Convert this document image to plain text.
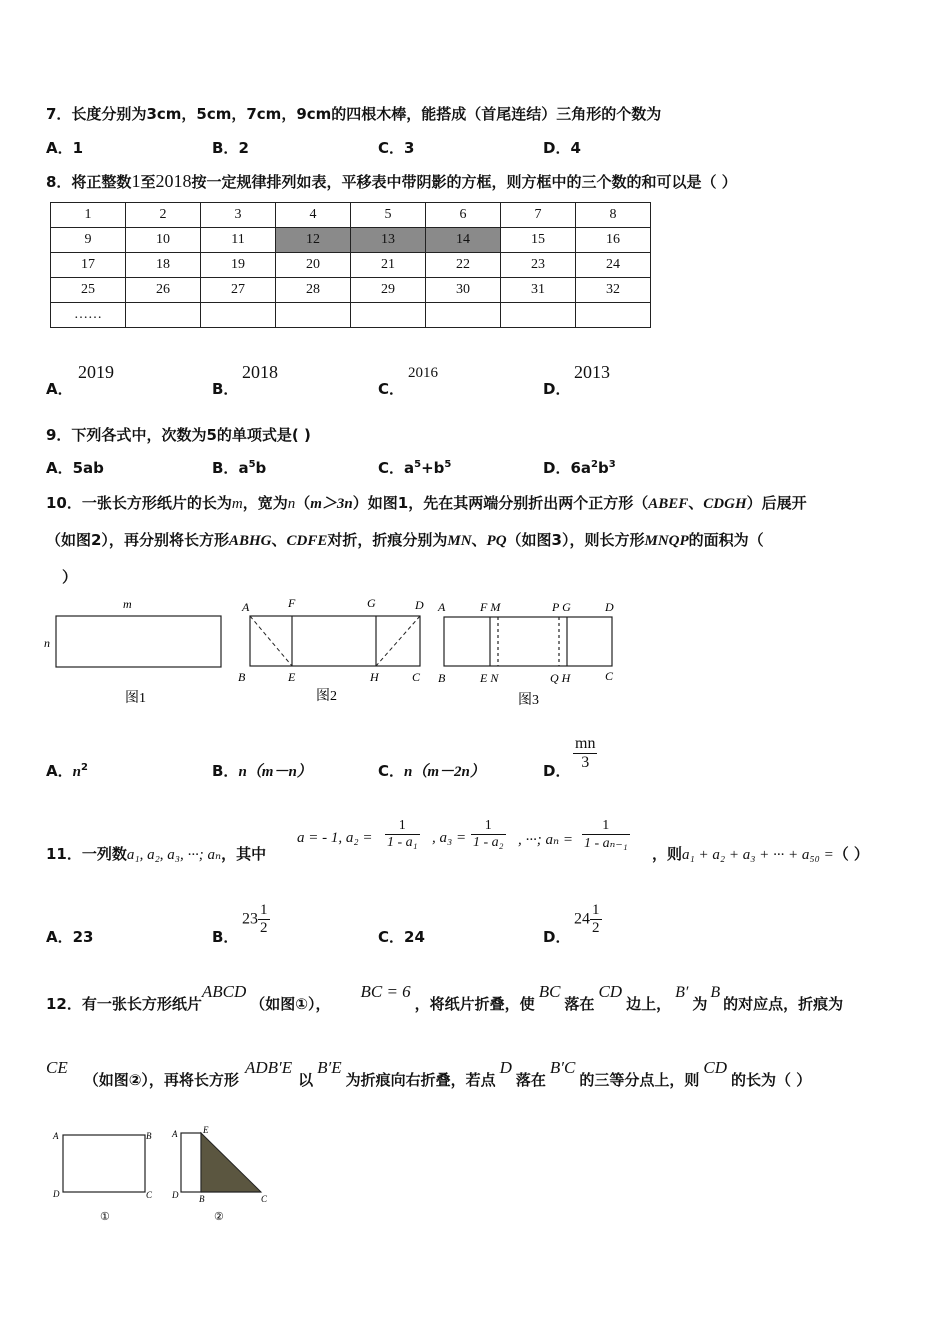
7．长度分别为3cm，5cm，7cm，9cm的四根木棒，能搭成（首尾连结）三角形的个数为
A．1	B．2	C．3	D．4
8．将正整数1至2018按一定规律排列如表，平移表中带阴影的方框，则方框中的三个数的和可以是（ ）
1	2	3	4	5	6	7	8
9	10	11	12	13	14	15	16
17	18	19	20	21	22	23	24
25	26	27	28	29	30	31	32
……							
A．
2019
B．
2018
C．
2016
D．
2013
9．下列各式中，次数为5的单项式是( )
A．5ab	B．$a^5b$	C．$a^5+b^5$	D．$6a^2b^3$
10．一张长方形纸片的长为m，宽为n（m＞3n）如图1，先在其两端分别折出两个正方形（ABEF、CDGH）后展开
（如图2），再分别将长方形ABHG、CDFE对折，折痕分别为MN、PQ（如图3），则长方形MNQP的面积为（
）
m
n
图1
A	F	G	D
B	E	H	C
图2
A	F M	P G	D
B	E N	Q H	C
图3
A．$n^2$	B．n（m－n）	C．n（m－2n）	D． $\frac{mn}{3}$
11．一列数a₁, a₂, a₃, ···; aₙ，其中
a = - 1, $a_2 = \frac{1}{\text{1 - a₁}}$ , $a_3 = \frac{1}{\text{1 - a₂}}$ , ···; $a_n = \frac{1}{\text{1 - aₙ₋₁}}$
，则a₁ + a₂ + a₃ + ··· + a₅₀ =（ ）
A．23	B．
$23 \frac{1}{2}$	C．24	D．
$24 \frac{1}{2}$
12．有一张长方形纸片
ABCD
（如图①），
BC = 6
，将纸片折叠，使
BC
落在
CD
边上，
B′
为
B
的对应点，折痕为
CE
（如图②），再将长方形
ADB′E
以
B′E
为折痕向右折叠，若点
D
落在
B′C
的三等分点上，则
CD
的长为（ ）
A	B
D	C
①
A	E
D B	C
②
